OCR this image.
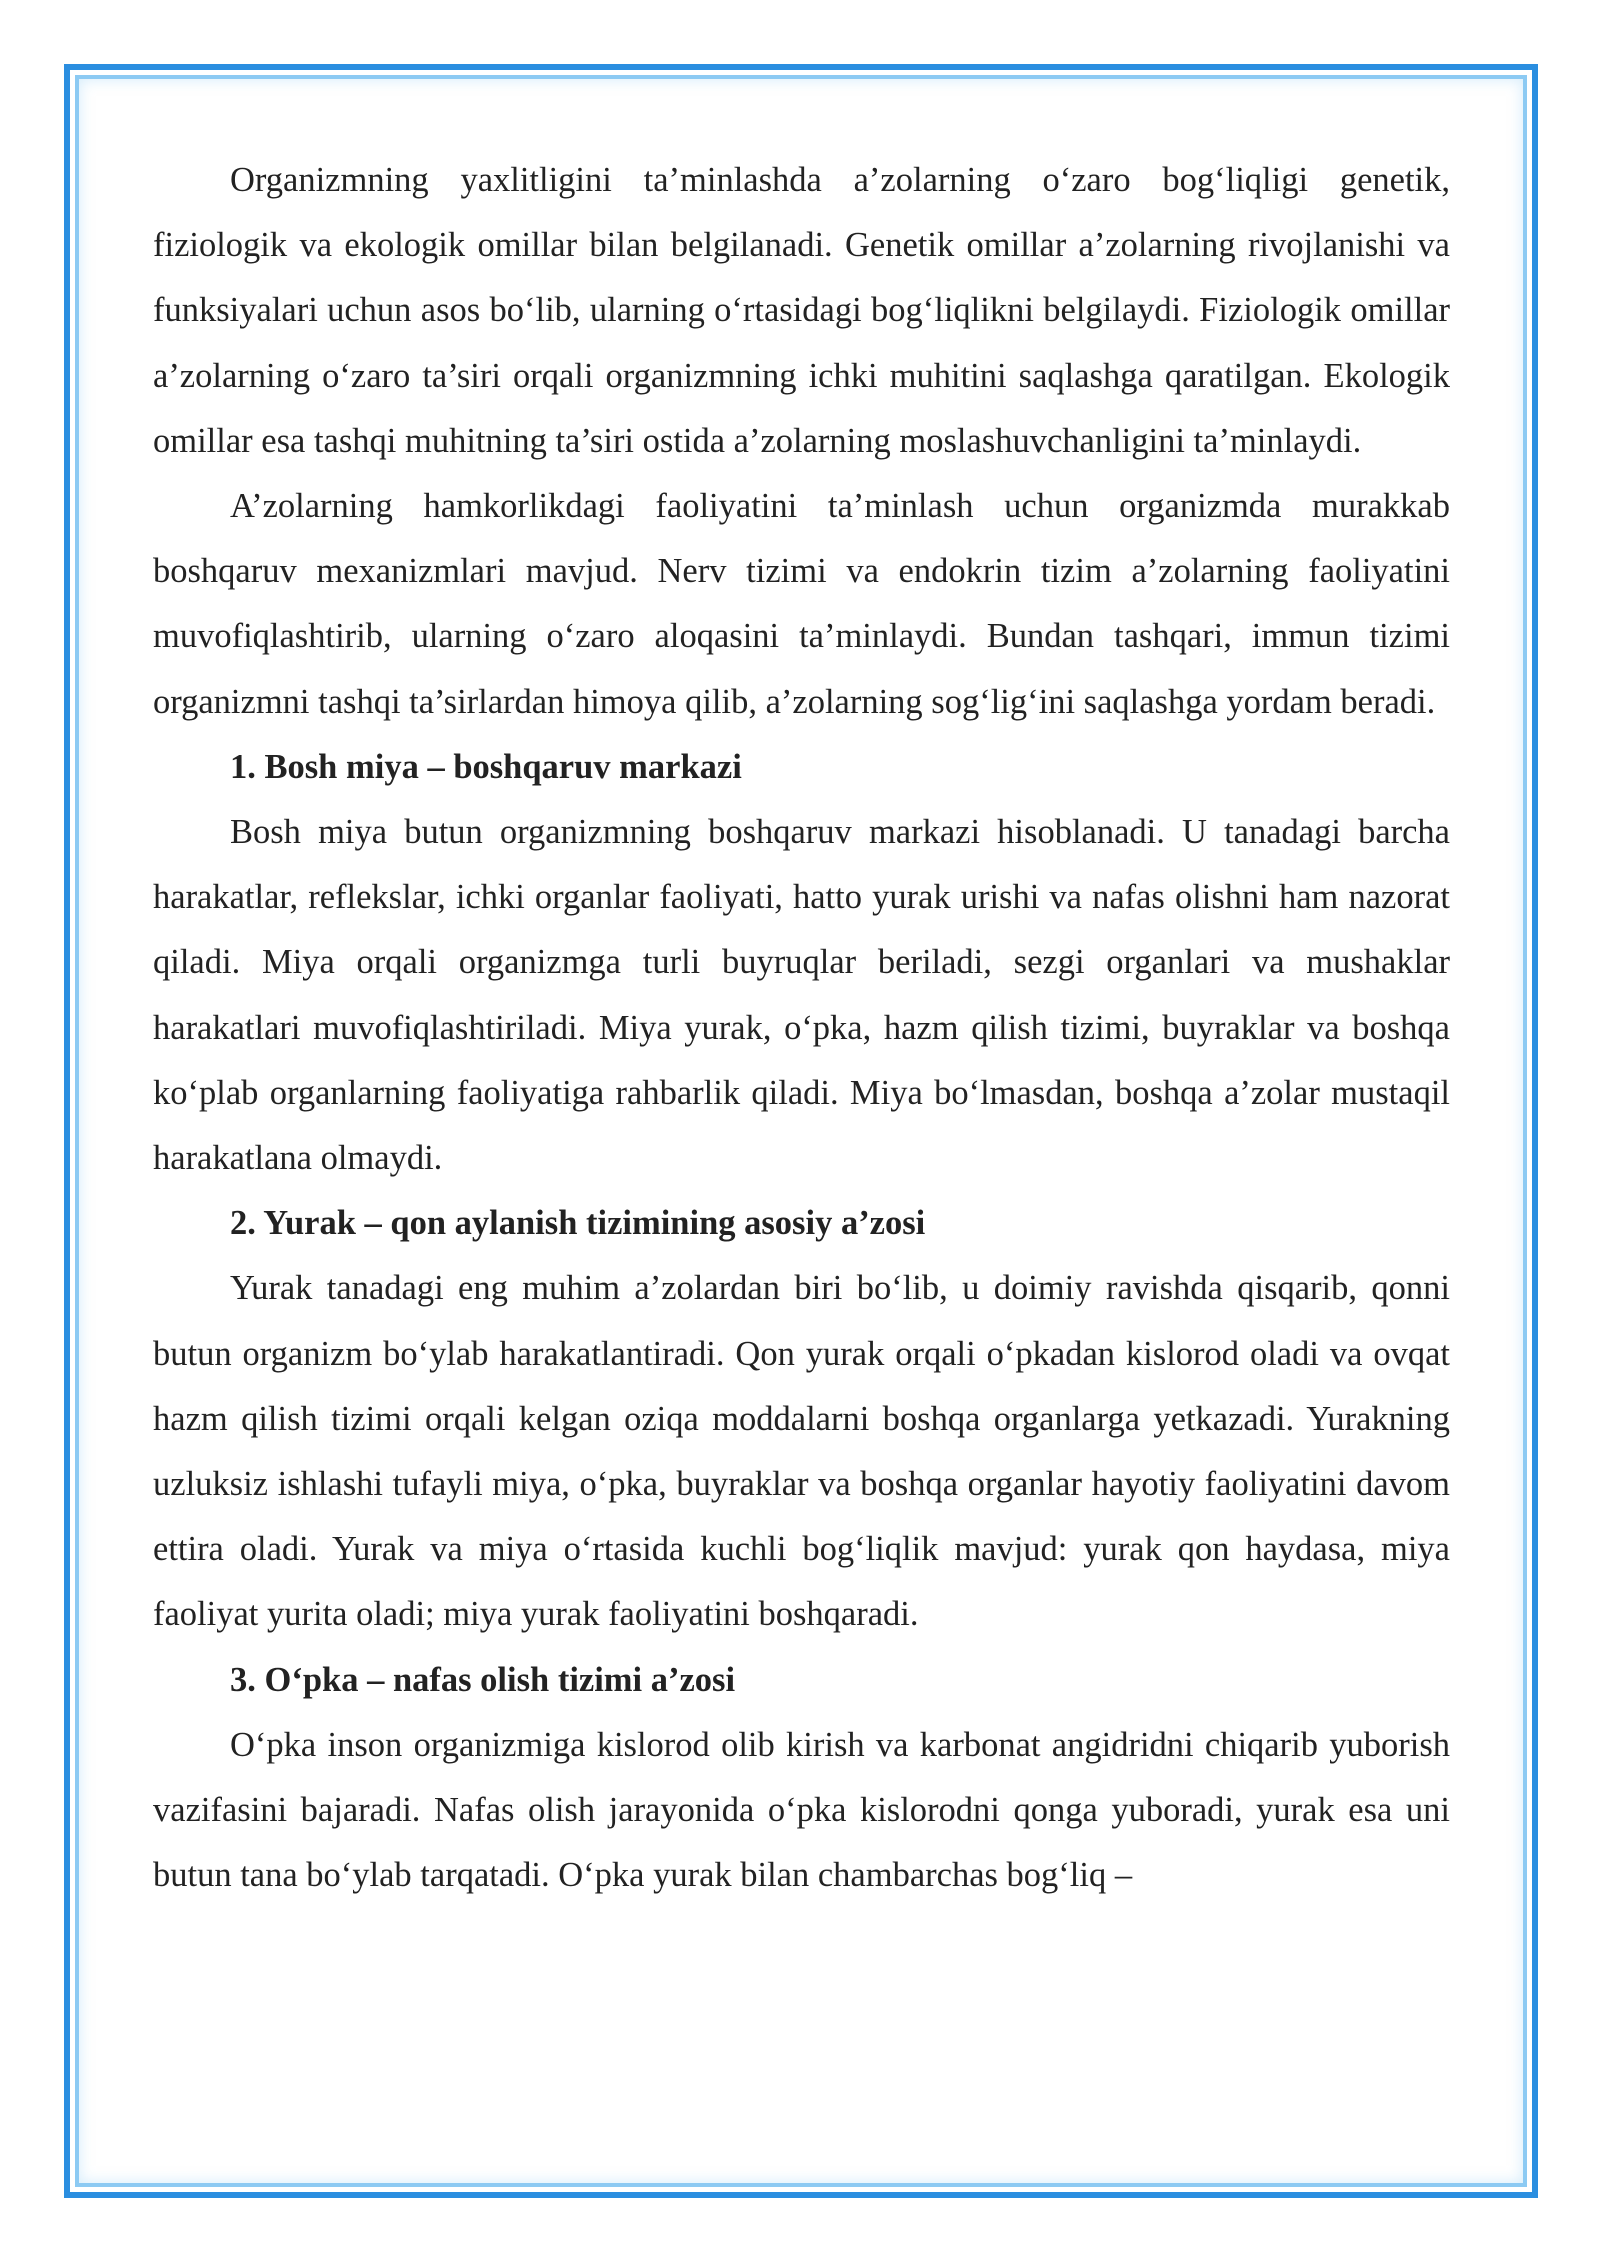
Organizmning yaxlitligini ta’minlashda a’zolarning o‘zaro bog‘liqligi genetik, fiziologik va ekologik omillar bilan belgilanadi. Genetik omillar a’zolarning rivojlanishi va funksiyalari uchun asos bo‘lib, ularning o‘rtasidagi bog‘liqlikni belgilaydi. Fiziologik omillar a’zolarning o‘zaro ta’siri orqali organizmning ichki muhitini saqlashga qaratilgan. Ekologik omillar esa tashqi muhitning ta’siri ostida a’zolarning moslashuvchanligini ta’minlaydi.

A’zolarning hamkorlikdagi faoliyatini ta’minlash uchun organizmda murakkab boshqaruv mexanizmlari mavjud. Nerv tizimi va endokrin tizim a’zolarning faoliyatini muvofiqlashtirib, ularning o‘zaro aloqasini ta’minlaydi. Bundan tashqari, immun tizimi organizmni tashqi ta’sirlardan himoya qilib, a’zolarning sog‘lig‘ini saqlashga yordam beradi.

1. Bosh miya – boshqaruv markazi

Bosh miya butun organizmning boshqaruv markazi hisoblanadi. U tanadagi barcha harakatlar, reflekslar, ichki organlar faoliyati, hatto yurak urishi va nafas olishni ham nazorat qiladi. Miya orqali organizmga turli buyruqlar beriladi, sezgi organlari va mushaklar harakatlari muvofiqlashtiriladi. Miya yurak, o‘pka, hazm qilish tizimi, buyraklar va boshqa ko‘plab organlarning faoliyatiga rahbarlik qiladi. Miya bo‘lmasdan, boshqa a’zolar mustaqil harakatlana olmaydi.

2. Yurak – qon aylanish tizimining asosiy a’zosi

Yurak tanadagi eng muhim a’zolardan biri bo‘lib, u doimiy ravishda qisqarib, qonni butun organizm bo‘ylab harakatlantiradi. Qon yurak orqali o‘pkadan kislorod oladi va ovqat hazm qilish tizimi orqali kelgan oziqa moddalarni boshqa organlarga yetkazadi. Yurakning uzluksiz ishlashi tufayli miya, o‘pka, buyraklar va boshqa organlar hayotiy faoliyatini davom ettira oladi. Yurak va miya o‘rtasida kuchli bog‘liqlik mavjud: yurak qon haydasa, miya faoliyat yurita oladi; miya yurak faoliyatini boshqaradi.

3. O‘pka – nafas olish tizimi a’zosi

O‘pka inson organizmiga kislorod olib kirish va karbonat angidridni chiqarib yuborish vazifasini bajaradi. Nafas olish jarayonida o‘pka kislorodni qonga yuboradi, yurak esa uni butun tana bo‘ylab tarqatadi. O‘pka yurak bilan chambarchas bog‘liq –
